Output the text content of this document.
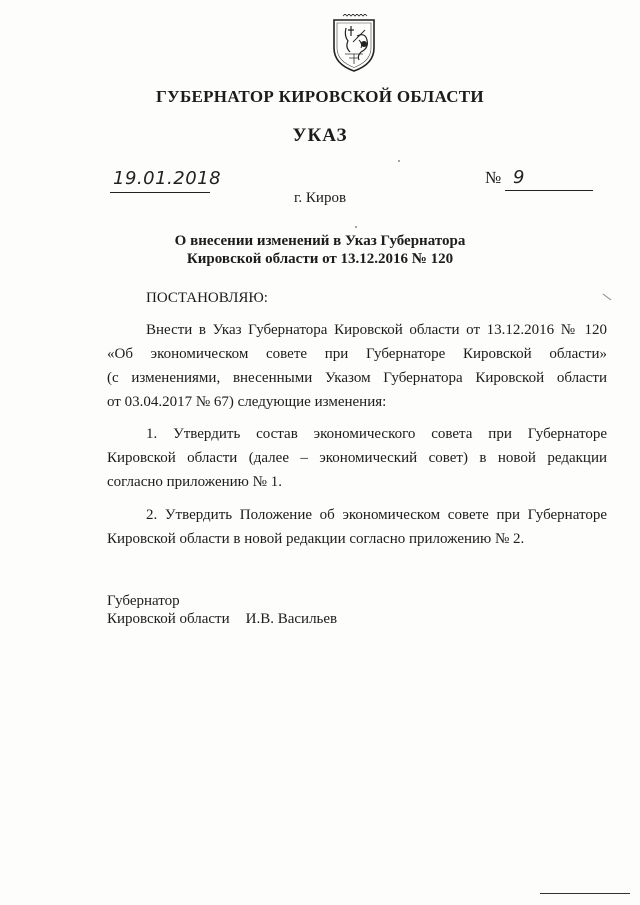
ГУБЕРНАТОР КИРОВСКОЙ ОБЛАСТИ
УКАЗ
19.01.2018	№ 9
г. Киров
О внесении изменений в Указ Губернатора
Кировской области от 13.12.2016 № 120
ПОСТАНОВЛЯЮ:
Внести в Указ Губернатора Кировской области от 13.12.2016 № 120
«Об экономическом совете при Губернаторе Кировской области»
(с изменениями, внесенными Указом Губернатора Кировской области
от 03.04.2017 № 67) следующие изменения:
1. Утвердить состав экономического совета при Губернаторе
Кировской области (далее – экономический совет) в новой редакции
согласно приложению № 1.
2. Утвердить Положение об экономическом совете при Губернаторе
Кировской области в новой редакции согласно приложению № 2.
Губернатор
Кировской области И.В. Васильев
